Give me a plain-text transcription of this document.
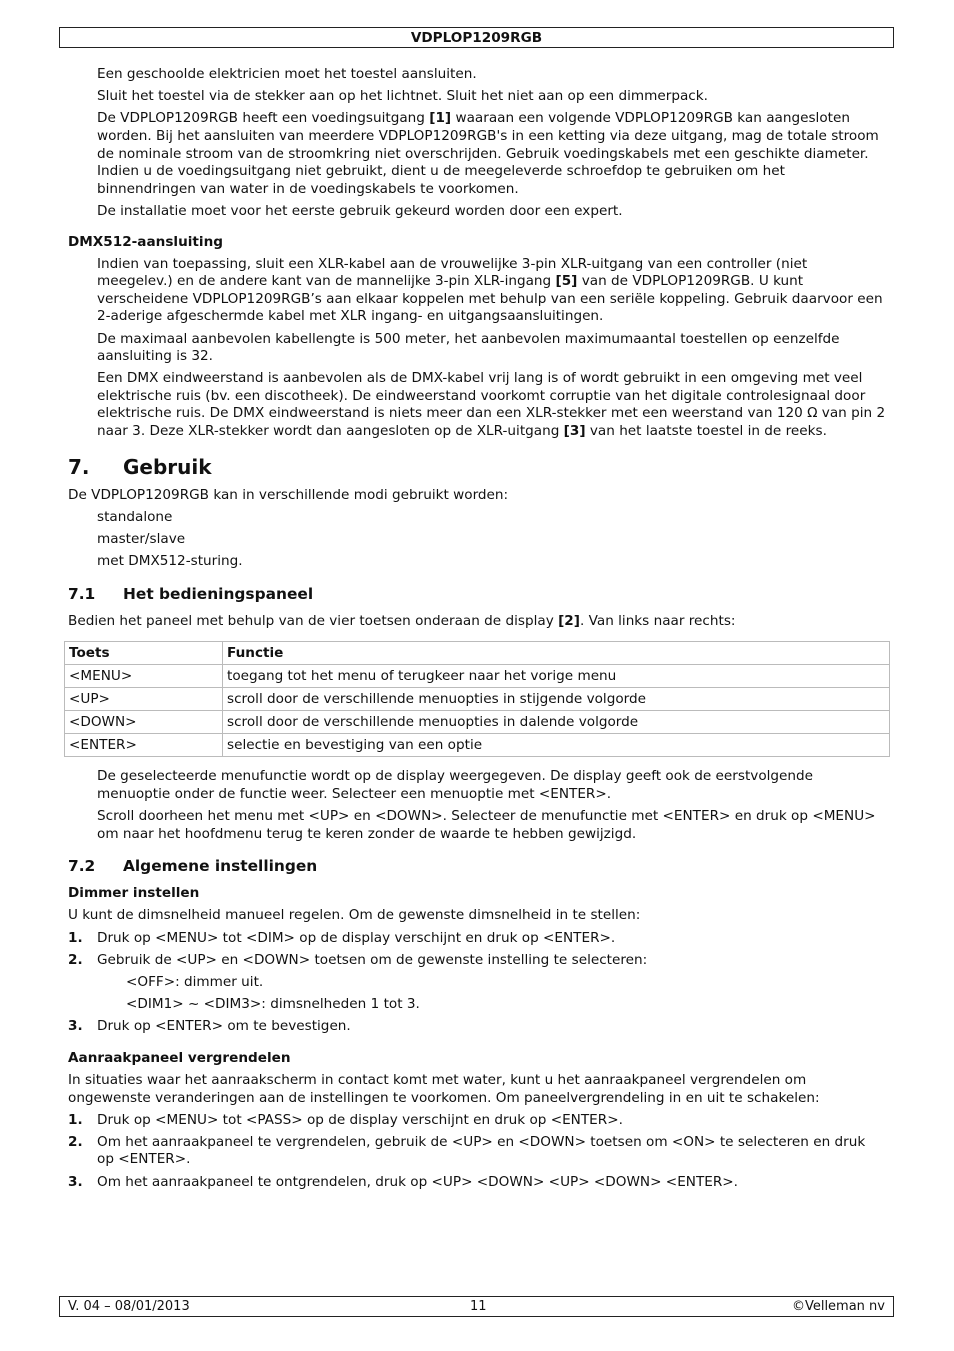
VDPLOP1209RGB

Een geschoolde elektricien moet het toestel aansluiten.

Sluit het toestel via de stekker aan op het lichtnet. Sluit het niet aan op een dimmerpack.

De VDPLOP1209RGB heeft een voedingsuitgang [1] waaraan een volgende VDPLOP1209RGB kan aangesloten worden. Bij het aansluiten van meerdere VDPLOP1209RGB's in een ketting via deze uitgang, mag de totale stroom de nominale stroom van de stroomkring niet overschrijden. Gebruik voedingskabels met een geschikte diameter. Indien u de voedingsuitgang niet gebruikt, dient u de meegeleverde schroefdop te gebruiken om het binnendringen van water in de voedingskabels te voorkomen.

De installatie moet voor het eerste gebruik gekeurd worden door een expert.

DMX512-aansluiting

Indien van toepassing, sluit een XLR-kabel aan de vrouwelijke 3-pin XLR-uitgang van een controller (niet meegelev.) en de andere kant van de mannelijke 3-pin XLR-ingang [5] van de VDPLOP1209RGB. U kunt verscheidene VDPLOP1209RGB’s aan elkaar koppelen met behulp van een seriële koppeling. Gebruik daarvoor een 2-aderige afgeschermde kabel met XLR ingang- en uitgangsaansluitingen.

De maximaal aanbevolen kabellengte is 500 meter, het aanbevolen maximumaantal toestellen op eenzelfde aansluiting is 32.

Een DMX eindweerstand is aanbevolen als de DMX-kabel vrij lang is of wordt gebruikt in een omgeving met veel elektrische ruis (bv. een discotheek). De eindweerstand voorkomt corruptie van het digitale controlesignaal door elektrische ruis. De DMX eindweerstand is niets meer dan een XLR-stekker met een weerstand van 120 Ω van pin 2 naar 3. Deze XLR-stekker wordt dan aangesloten op de XLR-uitgang [3] van het laatste toestel in de reeks.

7. Gebruik

De VDPLOP1209RGB kan in verschillende modi gebruikt worden:

standalone

master/slave

met DMX512-sturing.

7.1 Het bedieningspaneel

Bedien het paneel met behulp van de vier toetsen onderaan de display [2]. Van links naar rechts:

Toets	Functie
<MENU>	toegang tot het menu of terugkeer naar het vorige menu
<UP>	scroll door de verschillende menuopties in stijgende volgorde
<DOWN>	scroll door de verschillende menuopties in dalende volgorde
<ENTER>	selectie en bevestiging van een optie

De geselecteerde menufunctie wordt op de display weergegeven. De display geeft ook de eerstvolgende menuoptie onder de functie weer. Selecteer een menuoptie met <ENTER>.

Scroll doorheen het menu met <UP> en <DOWN>. Selecteer de menufunctie met <ENTER> en druk op <MENU> om naar het hoofdmenu terug te keren zonder de waarde te hebben gewijzigd.

7.2 Algemene instellingen
Dimmer instellen

U kunt de dimsnelheid manueel regelen. Om de gewenste dimsnelheid in te stellen:

1.	Druk op <MENU> tot <DIM> op de display verschijnt en druk op <ENTER>.
2.	Gebruik de <UP> en <DOWN> toetsen om de gewenste instelling te selecteren:

<OFF>: dimmer uit.

<DIM1> ~ <DIM3>: dimsnelheden 1 tot 3.

3.	Druk op <ENTER> om te bevestigen.
Aanraakpaneel vergrendelen

In situaties waar het aanraakscherm in contact komt met water, kunt u het aanraakpaneel vergrendelen om ongewenste veranderingen aan de instellingen te voorkomen. Om paneelvergrendeling in en uit te schakelen:

1.	Druk op <MENU> tot <PASS> op de display verschijnt en druk op <ENTER>.
2.	Om het aanraakpaneel te vergrendelen, gebruik de <UP> en <DOWN> toetsen om <ON> te selecteren en druk op <ENTER>.
3.	Om het aanraakpaneel te ontgrendelen, druk op <UP> <DOWN> <UP> <DOWN> <ENTER>.
V. 04 – 08/01/2013	11	©Velleman nv
